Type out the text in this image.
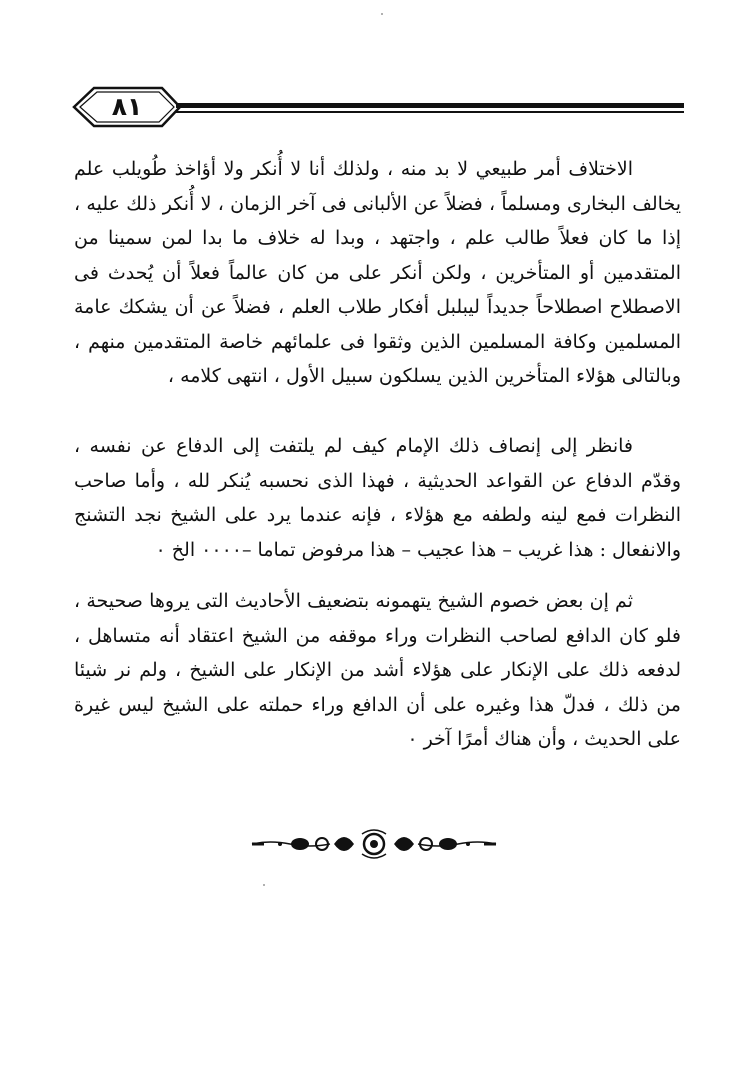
٨١

الاختلاف أمر طبيعي لا بد منه ، ولذلك أنا لا أُنكر ولا أؤاخذ طُويلب علم يخالف البخارى ومسلماً ، فضلاً عن الألبانى فى آخر الزمان ، لا أُنكر ذلك عليه ، إذا ما كان فعلاً طالب علم ، واجتهد ، وبدا له خلاف ما بدا لمن سمينا من المتقدمين أو المتأخرين ، ولكن أنكر على من كان عالماً فعلاً أن يُحدث فى الاصطلاح اصطلاحاً جديداً ليبلبل أفكار طلاب العلم ، فضلاً عن أن يشكك عامة المسلمين وكافة المسلمين الذين وثقوا فى علمائهم خاصة المتقدمين منهم ، وبالتالى هؤلاء المتأخرين الذين يسلكون سبيل الأول ، انتهى كلامه ،

فانظر إلى إنصاف ذلك الإمام كيف لم يلتفت إلى الدفاع عن نفسه ، وقدّم الدفاع عن القواعد الحديثية ، فهذا الذى نحسبه يُنكر لله ، وأما صاحب النظرات فمع لينه ولطفه مع هؤلاء ، فإنه عندما يرد على الشيخ نجد التشنج والانفعال : هذا غريب – هذا عجيب – هذا مرفوض تماما –٠٠٠٠ الخ ٠

ثم إن بعض خصوم الشيخ يتهمونه بتضعيف الأحاديث التى يروها صحيحة ، فلو كان الدافع لصاحب النظرات وراء موقفه من الشيخ اعتقاد أنه متساهل ، لدفعه ذلك على الإنكار على هؤلاء أشد من الإنكار على الشيخ ، ولم نر شيئا من ذلك ، فدلّ هذا وغيره على أن الدافع وراء حملته على الشيخ ليس غيرة على الحديث ، وأن هناك أمرًا آخر ٠
